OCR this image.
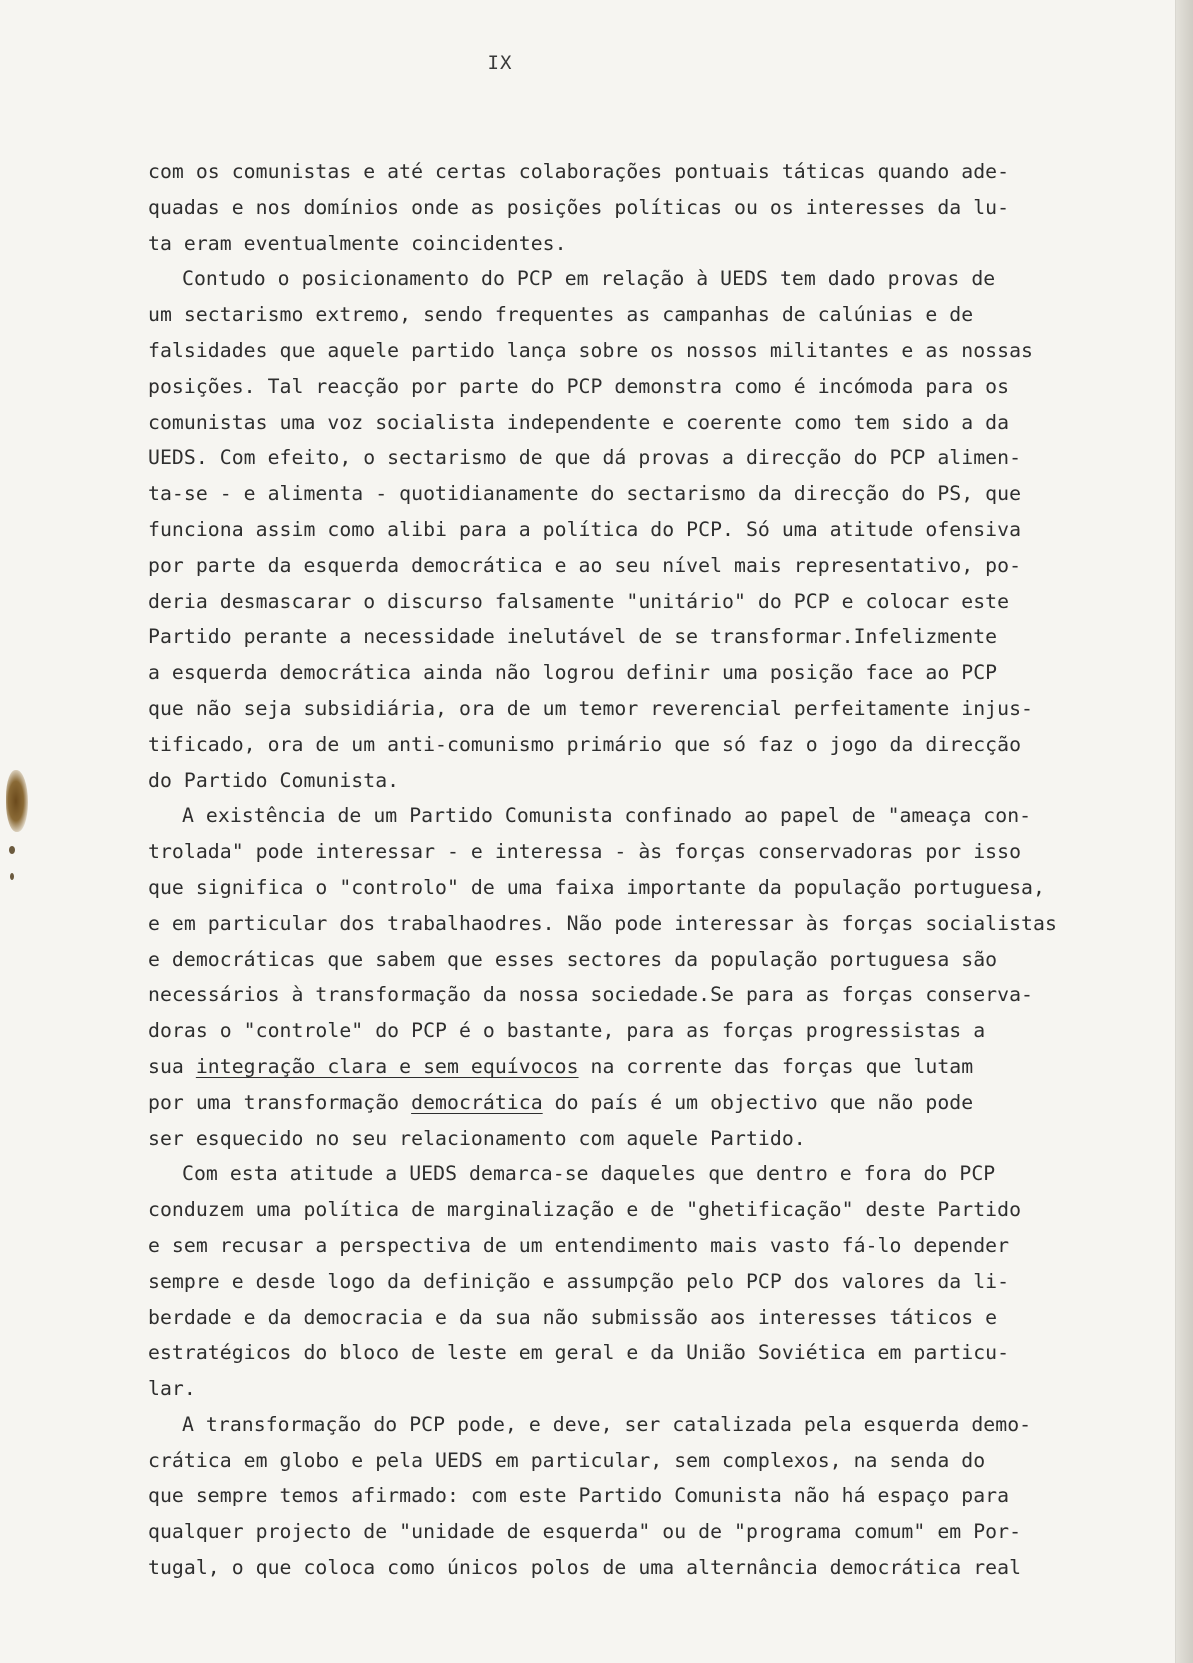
IX
com os comunistas e até certas colaborações pontuais táticas quando ade-
quadas e nos domínios onde as posições políticas ou os interesses da lu-
ta eram eventualmente coincidentes.
Contudo o posicionamento do PCP em relação à UEDS tem dado provas de
um sectarismo extremo, sendo frequentes as campanhas de calúnias e de
falsidades que aquele partido lança sobre os nossos militantes e as nossas
posições. Tal reacção por parte do PCP demonstra como é incómoda para os
comunistas uma voz socialista independente e coerente como tem sido a da
UEDS. Com efeito, o sectarismo de que dá provas a direcção do PCP alimen-
ta-se - e alimenta - quotidianamente do sectarismo da direcção do PS, que
funciona assim como alibi para a política do PCP. Só uma atitude ofensiva
por parte da esquerda democrática e ao seu nível mais representativo, po-
deria desmascarar o discurso falsamente "unitário" do PCP e colocar este
Partido perante a necessidade inelutável de se transformar.Infelizmente
a esquerda democrática ainda não logrou definir uma posição face ao PCP
que não seja subsidiária, ora de um temor reverencial perfeitamente injus-
tificado, ora de um anti-comunismo primário que só faz o jogo da direcção
do Partido Comunista.
A existência de um Partido Comunista confinado ao papel de "ameaça con-
trolada" pode interessar - e interessa - às forças conservadoras por isso
que significa o "controlo" de uma faixa importante da população portuguesa,
e em particular dos trabalhaodres. Não pode interessar às forças socialistas
e democráticas que sabem que esses sectores da população portuguesa são
necessários à transformação da nossa sociedade.Se para as forças conserva-
doras o "controle" do PCP é o bastante, para as forças progressistas a
sua integração clara e sem equívocos na corrente das forças que lutam
por uma transformação democrática do país é um objectivo que não pode
ser esquecido no seu relacionamento com aquele Partido.
Com esta atitude a UEDS demarca-se daqueles que dentro e fora do PCP
conduzem uma política de marginalização e de "ghetificação" deste Partido
e sem recusar a perspectiva de um entendimento mais vasto fá-lo depender
sempre e desde logo da definição e assumpção pelo PCP dos valores da li-
berdade e da democracia e da sua não submissão aos interesses táticos e
estratégicos do bloco de leste em geral e da União Soviética em particu-
lar.
A transformação do PCP pode, e deve, ser catalizada pela esquerda demo-
crática em globo e pela UEDS em particular, sem complexos, na senda do
que sempre temos afirmado: com este Partido Comunista não há espaço para
qualquer projecto de "unidade de esquerda" ou de "programa comum" em Por-
tugal, o que coloca como únicos polos de uma alternância democrática real
